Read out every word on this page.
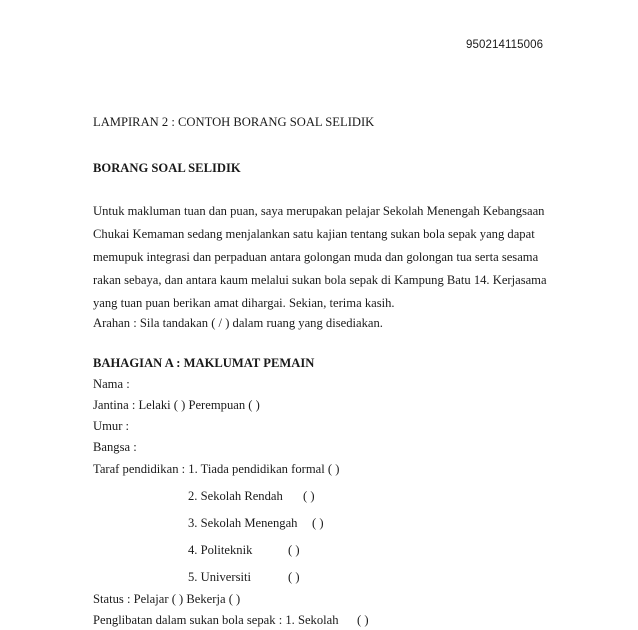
950214115006
LAMPIRAN 2 : CONTOH BORANG SOAL SELIDIK
BORANG SOAL SELIDIK
Untuk makluman tuan dan puan, saya merupakan pelajar Sekolah Menengah Kebangsaan
Chukai Kemaman sedang menjalankan satu kajian tentang sukan bola sepak yang dapat
memupuk integrasi dan perpaduan antara golongan muda dan golongan tua serta sesama
rakan sebaya, dan antara kaum melalui sukan bola sepak di Kampung Batu 14. Kerjasama
yang tuan puan berikan amat dihargai. Sekian, terima kasih.
Arahan : Sila tandakan ( / ) dalam ruang yang disediakan.
BAHAGIAN A : MAKLUMAT PEMAIN
Nama :
Jantina : Lelaki ( ) Perempuan ( )
Umur :
Bangsa :
Taraf pendidikan : 1. Tiada pendidikan formal ( )
2. Sekolah Rendah ( )
3. Sekolah Menengah ( )
4. Politeknik	( )
5. Universiti	( )
Status : Pelajar ( ) Bekerja ( )
Penglibatan dalam sukan bola sepak : 1. Sekolah ( )
